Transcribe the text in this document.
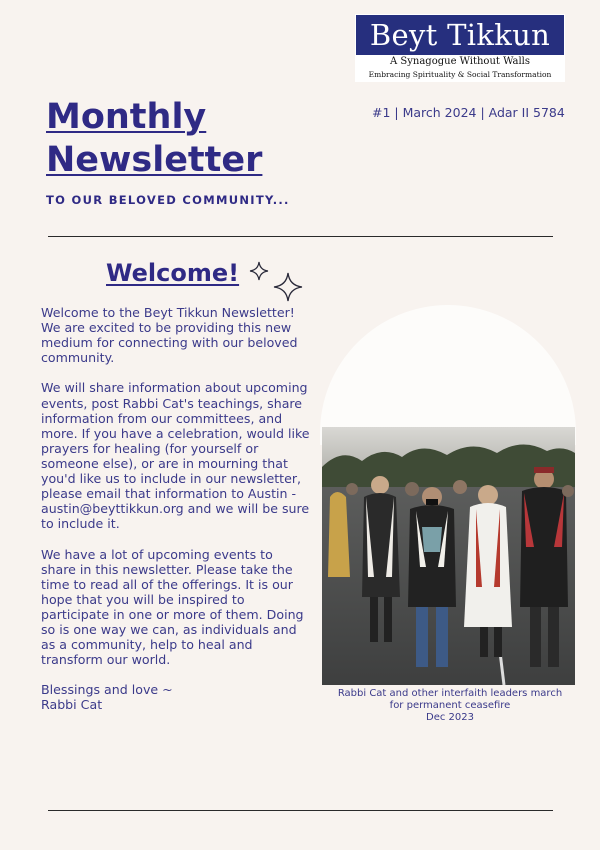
Beyt Tikkun
A Synagogue Without Walls
Embracing Spirituality & Social Transformation
Monthly Newsletter
#1 | March 2024 | Adar II 5784
TO OUR BELOVED COMMUNITY...
Welcome!

Welcome to the Beyt Tikkun Newsletter! We are excited to be providing this new medium for connecting with our beloved community.

We will share information about upcoming events, post Rabbi Cat's teachings, share information from our committees, and more. If you have a celebration, would like prayers for healing (for yourself or someone else), or are in mourning that you'd like us to include in our newsletter, please email that information to Austin - austin@beyttikkun.org and we will be sure to include it.

We have a lot of upcoming events to share in this newsletter. Please take the time to read all of the offerings. It is our hope that you will be inspired to participate in one or more of them. Doing so is one way we can, as individuals and as a community, help to heal and transform our world.

Blessings and love ~
Rabbi Cat
Rabbi Cat and other interfaith leaders march
for permanent ceasefire
Dec 2023
